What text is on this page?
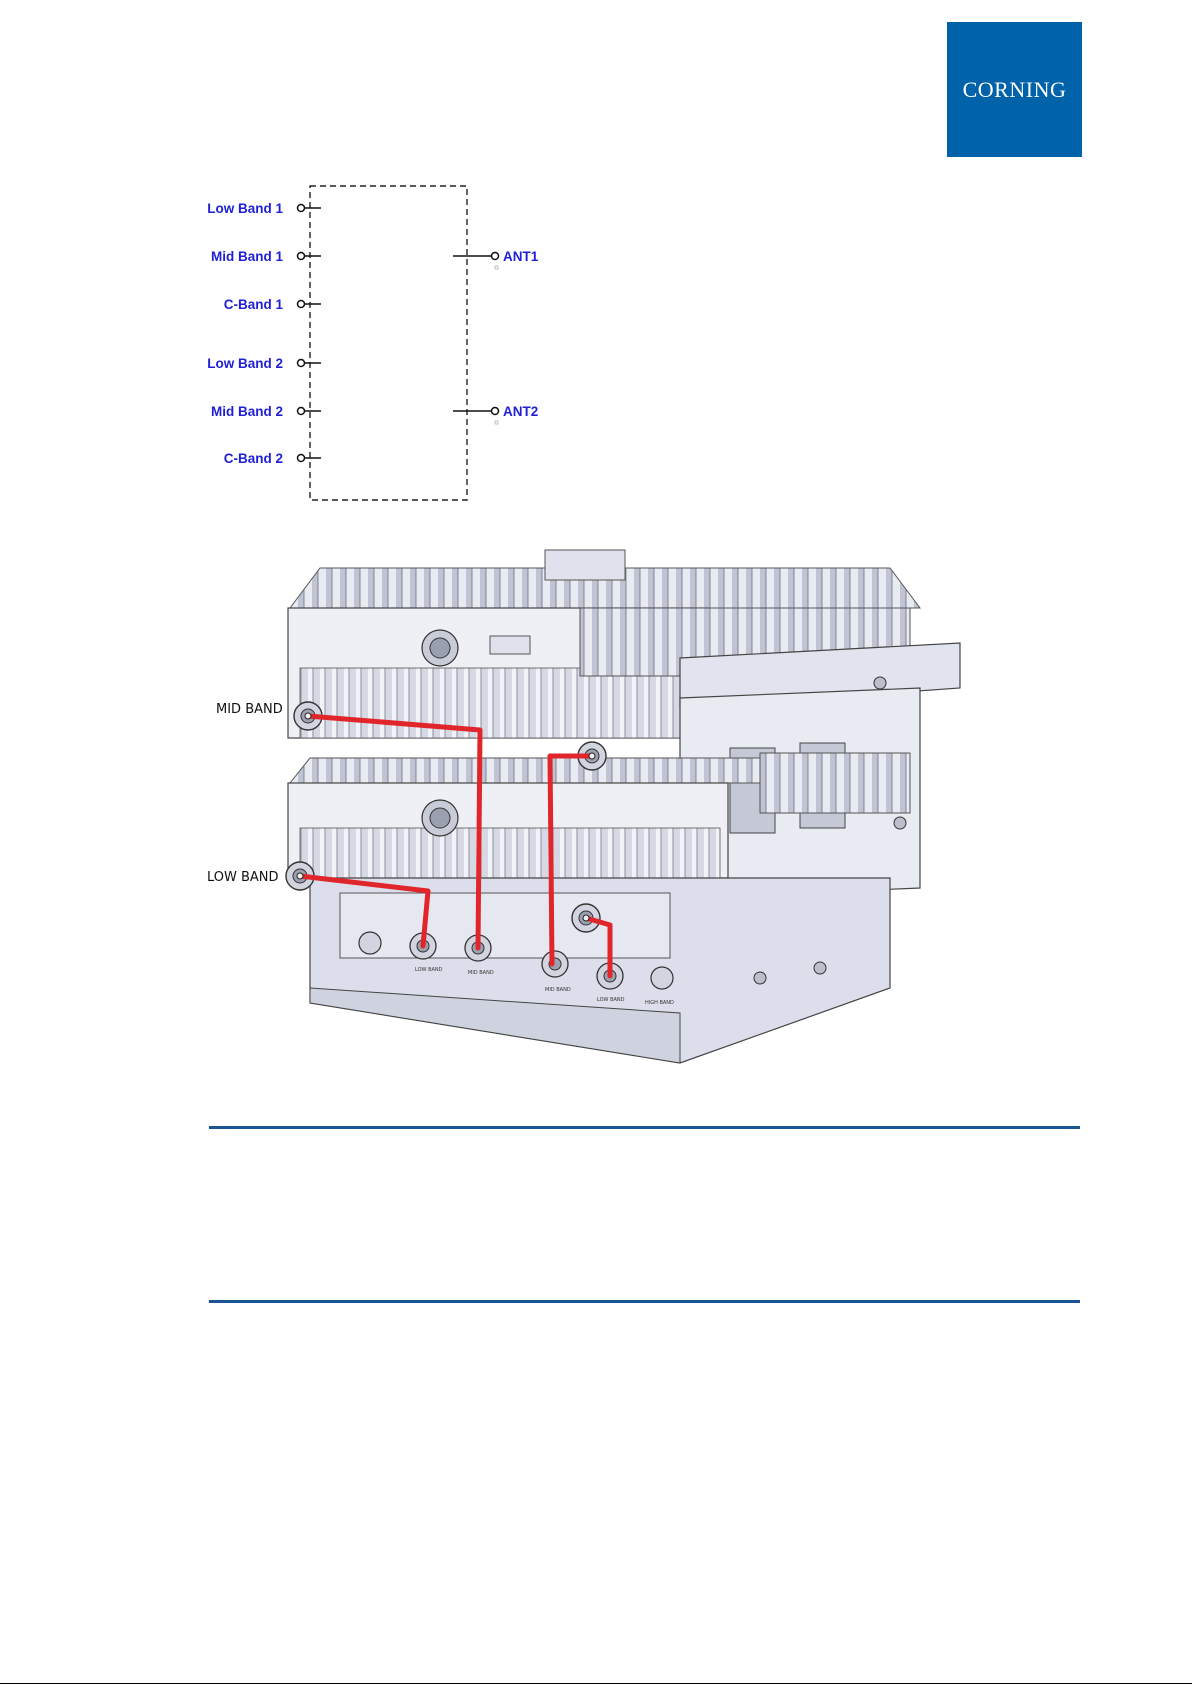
CORNING
Low Band 1
Mid Band 1
C-Band 1
Low Band 2
Mid Band 2
C-Band 2
ANT1
ANT2
LOW BAND	MID BAND
MID BAND
LOW BAND	HIGH BAND
MID BAND
LOW BAND
